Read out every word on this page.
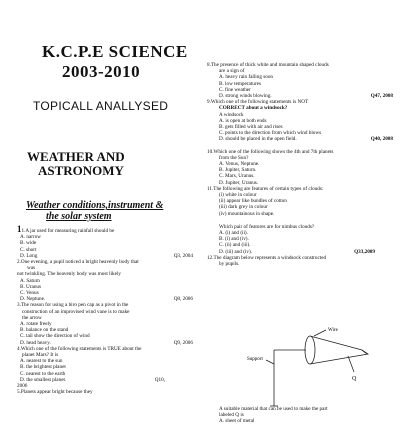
K.C.P.E SCIENCE
2003-2010
TOPICALL ANALLYSED
WEATHER AND
ASTRONOMY
Weather conditions,instrument &
the solar system
11.A jar used for measuring rainfall should be
A. narrow
B. wide
C. short
D. Long	Q3, 2004
2.One evening, a pupil noticed a bright heavenly body that
was
not twinkling. The heavenly body was most likely
A. Saturn
B. Uranus
C. Venus
D. Neptune.	Q8, 2006
3.The reason for using a biro pen cap as a pivot in the
construction of an improvised wind vane is to make
the arrow
A. rotate freely
B. balance on the stand
C. tail show the direction of wind
D. head heavy.	Q9, 2006
4.Which one of the following statements is TRUE about the
planet Mars? It is
A. nearest to the sun
B. the brightest planet
C. nearest to the earth
D. the smallest planet.	Q10,
2006
5.Planets appear bright because they
8.The presence of thick white and mountain shaped clouds
are a sign of
A. heavy rain falling soon
B. low temperatures
C. fine weather
D. strong winds blowing.	Q47, 2008
9.Which one of the following statements is NOT
CORRECT about a windsock?
A windsock
A. is open at both ends
B. gets filled with air and rises
C. points to the direction from which wind blows
D. should be placed in the open field.	Q40, 2008
10.Which one of the following shows the 4th and 7th planets
from the Sun?
A. Venus, Neptune.
B. Jupiter, Saturn.
C. Mars, Uranus.
D. Jupiter, Uranus.
11.The following are features of certain types of clouds:
(i) white in colour
(ii) appear like bundles of cotton
(iii) dark grey in colour
(iv) mountainous in shape.
Which pair of features are for nimbus clouds?
A. (i) and (ii).
B. (i) and (iv).
C. (ii) and (iii).
D. (iii) and (iv).	Q33,2009
12.The diagram below represents a windsock constructed
by pupils.
Wire
Support
Q
A suitable material that can be used to make the part
labeled Q is
A. sheet of metal
